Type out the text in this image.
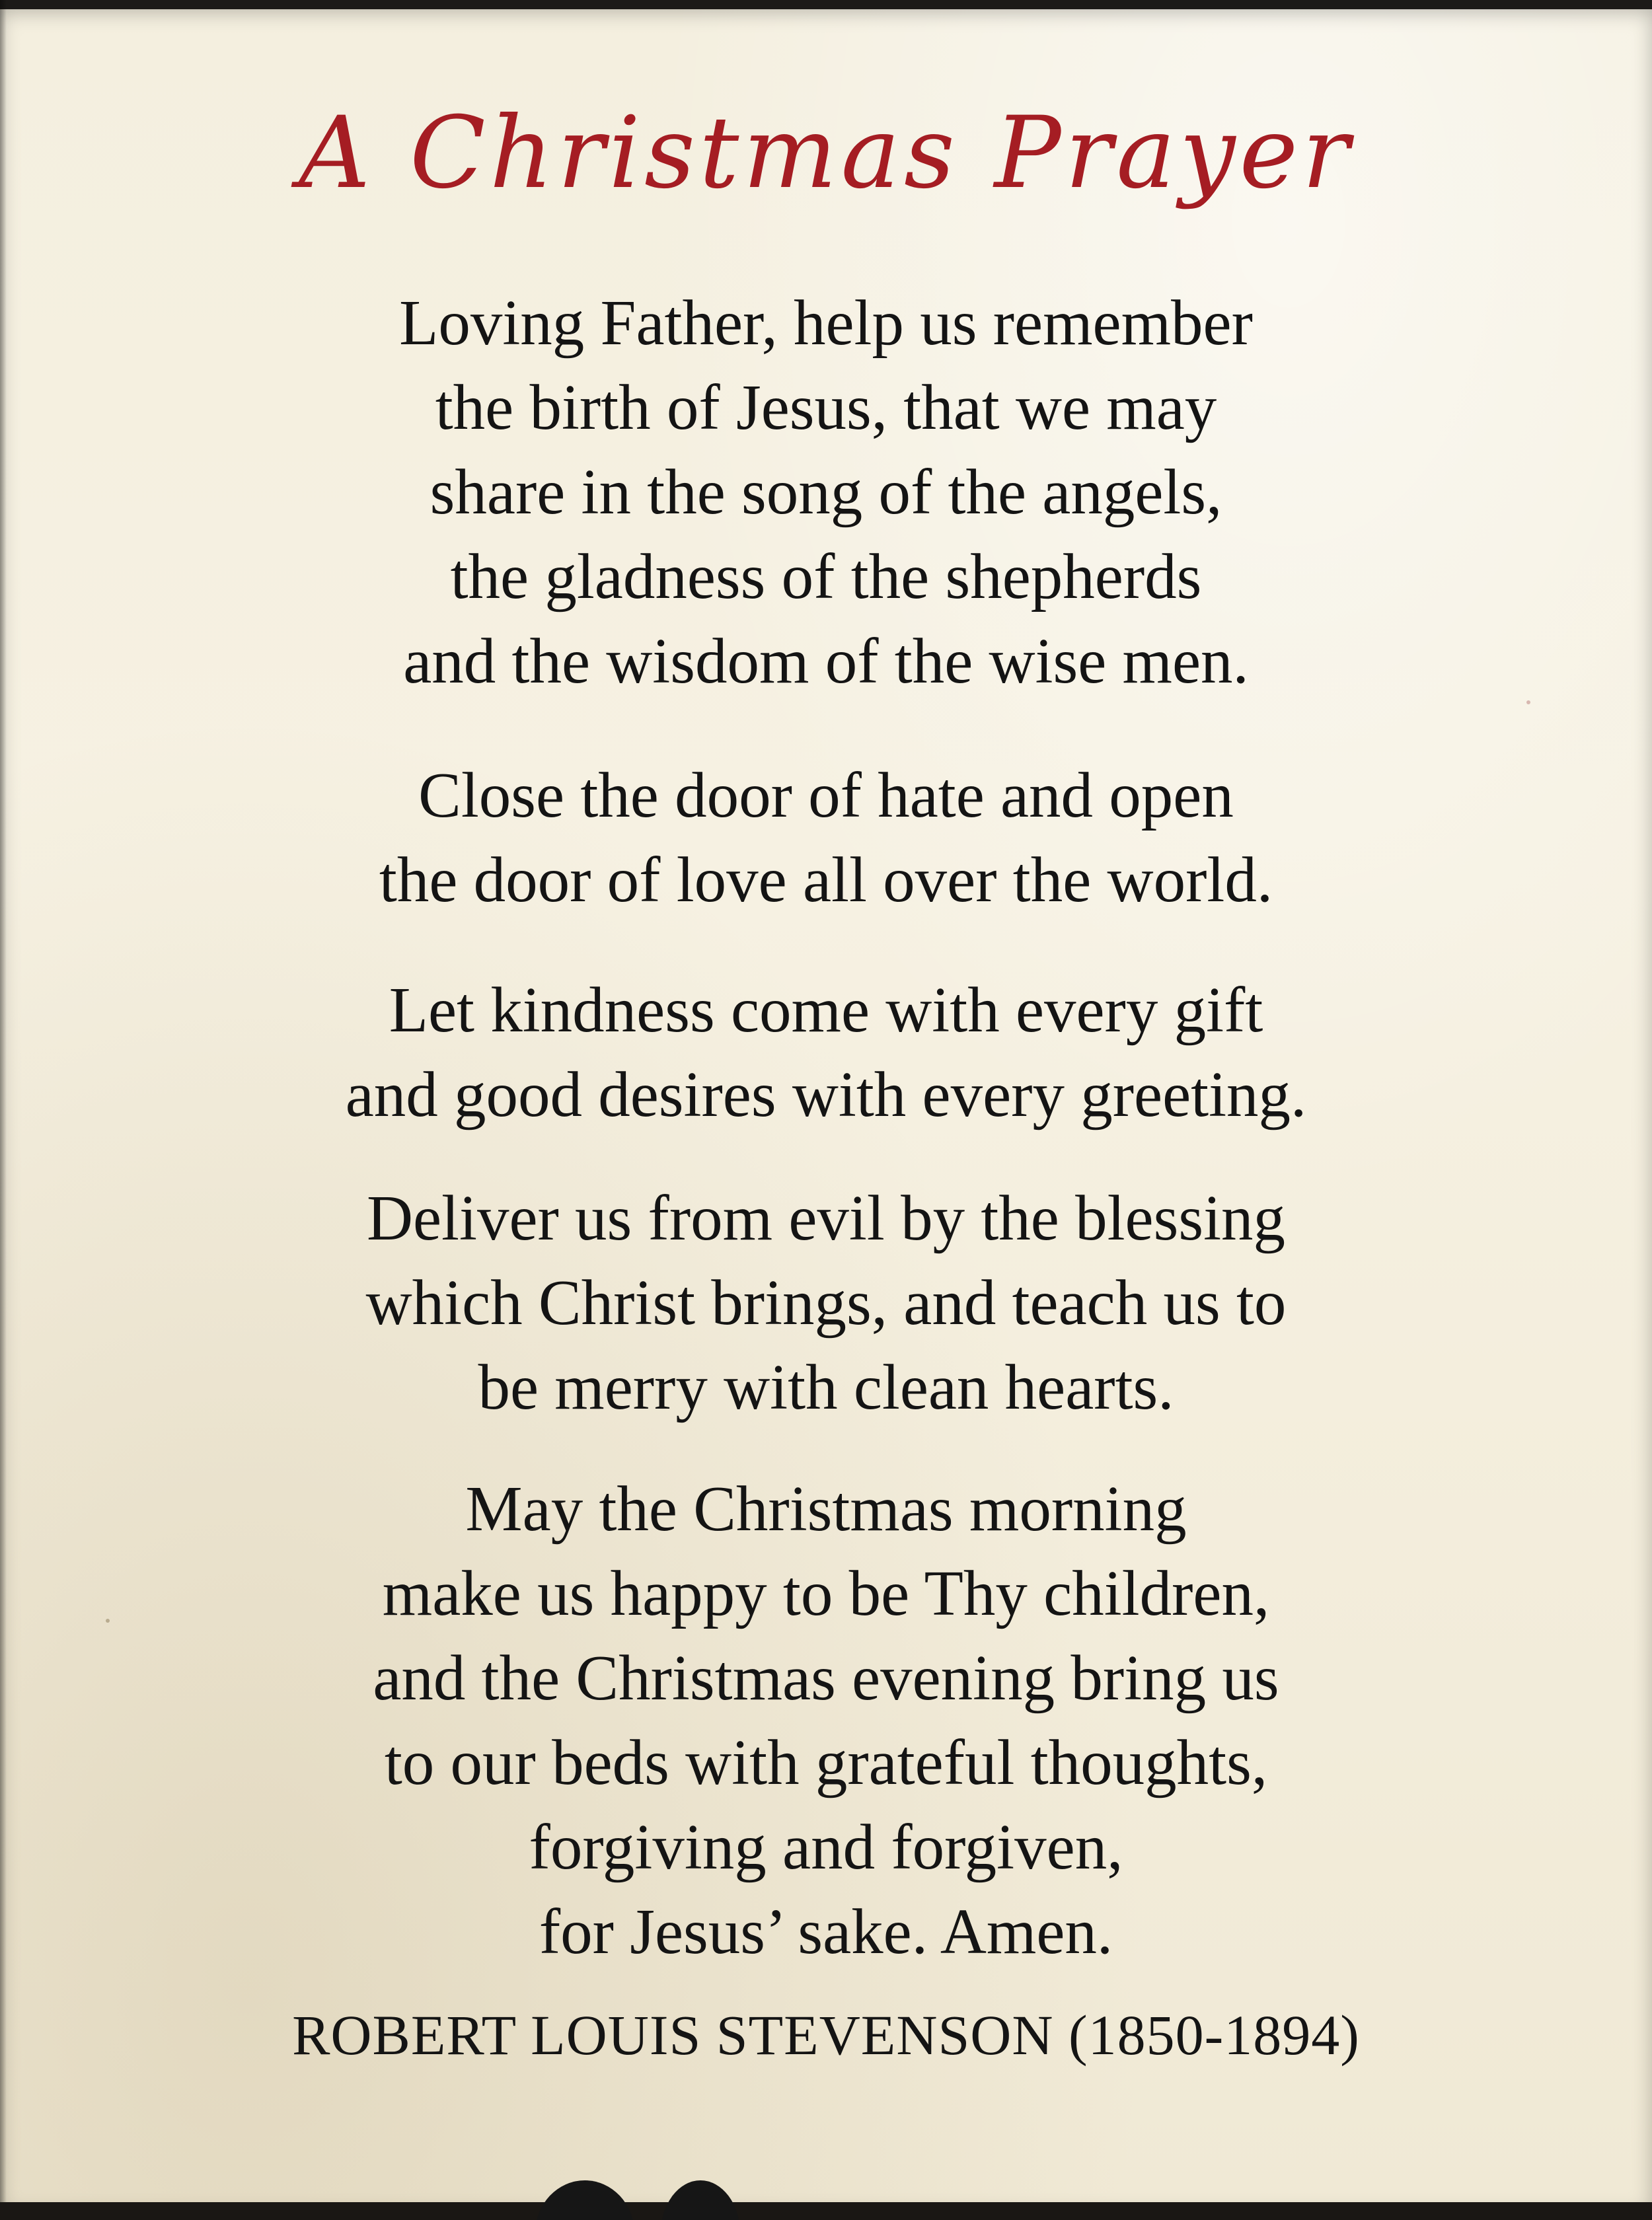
A Christmas Prayer
Loving Father, help us remember
the birth of Jesus, that we may
share in the song of the angels,
the gladness of the shepherds
and the wisdom of the wise men.
Close the door of hate and open
the door of love all over the world.
Let kindness come with every gift
and good desires with every greeting.
Deliver us from evil by the blessing
which Christ brings, and teach us to
be merry with clean hearts.
May the Christmas morning
make us happy to be Thy children,
and the Christmas evening bring us
to our beds with grateful thoughts,
forgiving and forgiven,
for Jesus’ sake. Amen.
ROBERT LOUIS STEVENSON (1850-1894)
